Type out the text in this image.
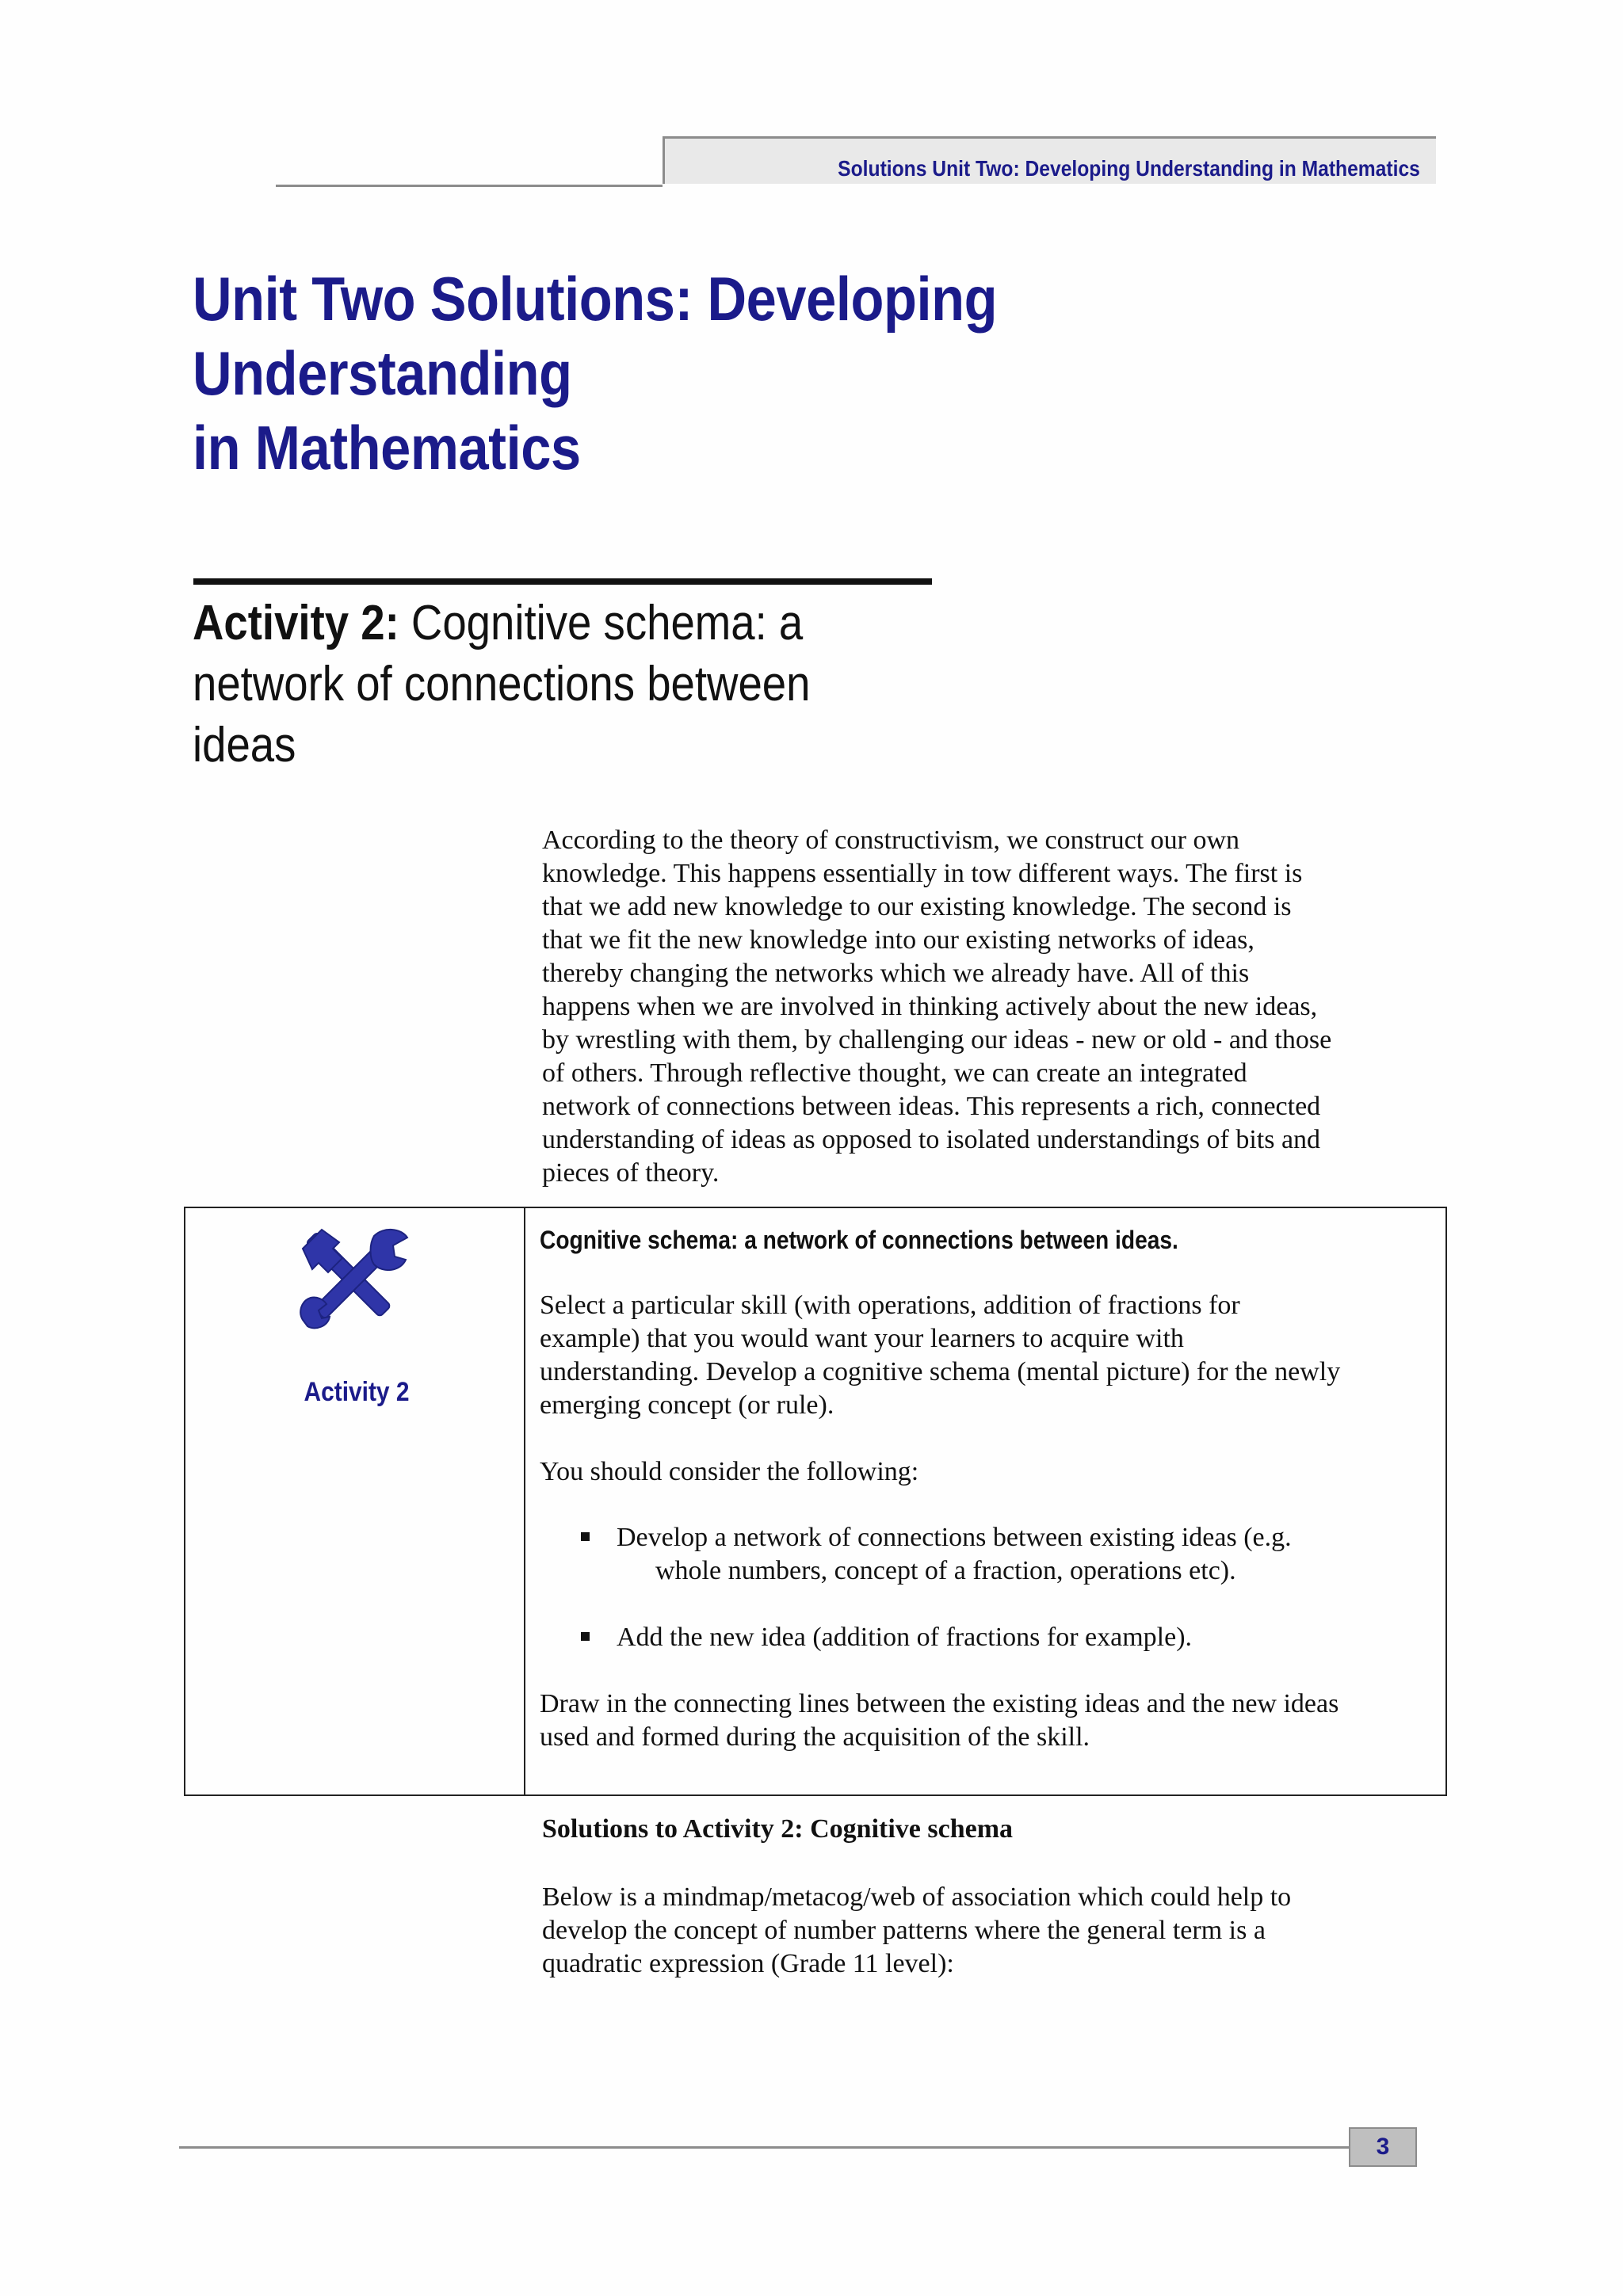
Solutions Unit Two: Developing Understanding in Mathematics
Unit Two Solutions: Developing Understanding
in Mathematics
Activity 2: Cognitive schema: a
network of connections between
ideas
According to the theory of constructivism, we construct our own
knowledge. This happens essentially in tow different ways. The first is
that we add new knowledge to our existing knowledge. The second is
that we fit the new knowledge into our existing networks of ideas,
thereby changing the networks which we already have. All of this
happens when we are involved in thinking actively about the new ideas,
by wrestling with them, by challenging our ideas - new or old - and those
of others. Through reflective thought, we can create an integrated
network of connections between ideas. This represents a rich, connected
understanding of ideas as opposed to isolated understandings of bits and
pieces of theory.
Activity 2
Cognitive schema: a network of connections between ideas.
Select a particular skill (with operations, addition of fractions for
example) that you would want your learners to acquire with
understanding. Develop a cognitive schema (mental picture) for the newly
emerging concept (or rule).
You should consider the following:
Develop a network of connections between existing ideas (e.g.
whole numbers, concept of a fraction, operations etc).
Add the new idea (addition of fractions for example).
Draw in the connecting lines between the existing ideas and the new ideas
used and formed during the acquisition of the skill.
Solutions to Activity 2: Cognitive schema
Below is a mindmap/metacog/web of association which could help to
develop the concept of number patterns where the general term is a
quadratic expression (Grade 11 level):
3
